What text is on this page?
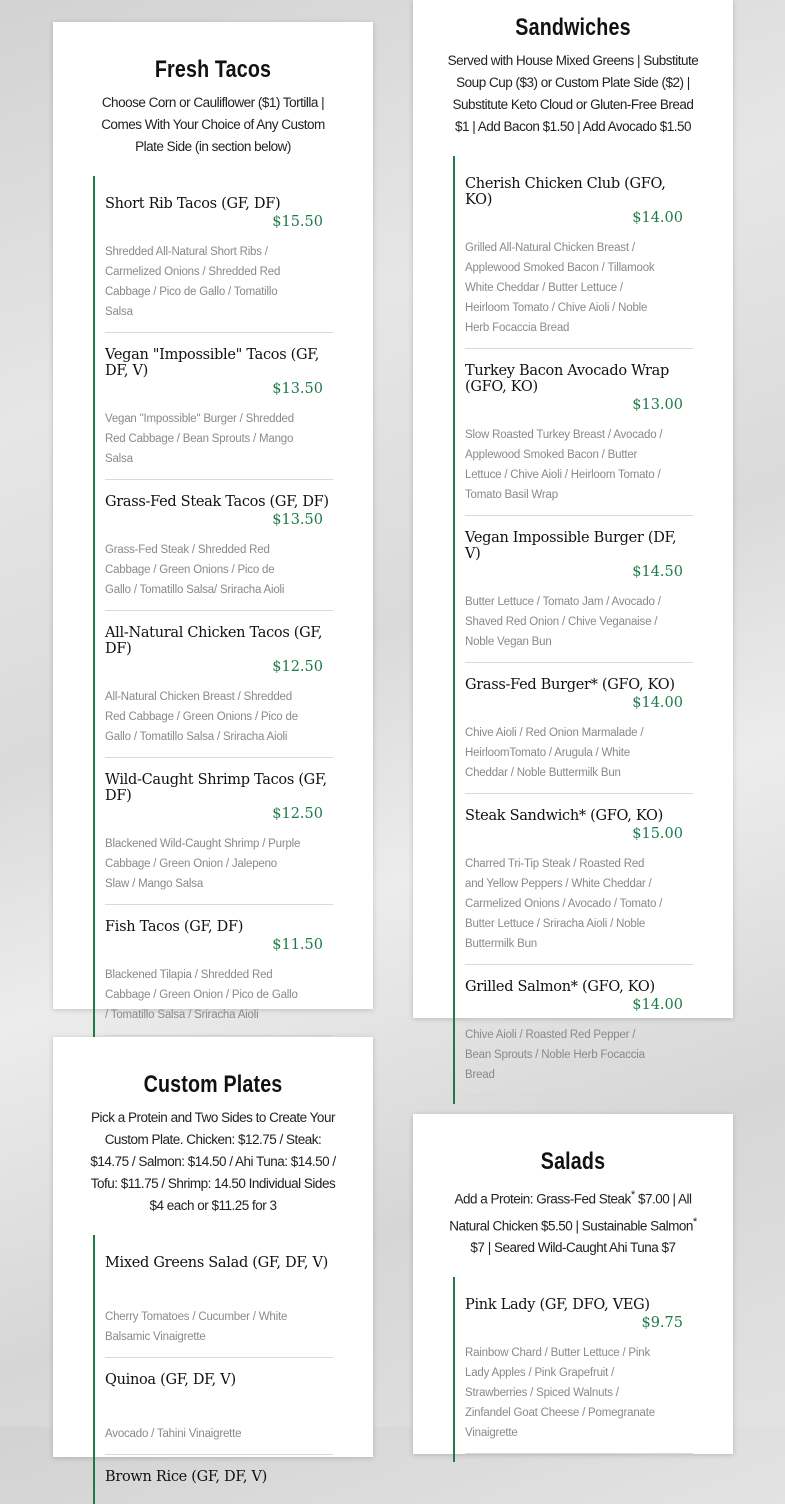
Fresh Tacos
Choose Corn or Cauliflower ($1) Tortilla | Comes With Your Choice of Any Custom Plate Side (in section below)
Short Rib Tacos (GF, DF)
$15.50
Shredded All-Natural Short Ribs / Carmelized Onions / Shredded Red Cabbage / Pico de Gallo / Tomatillo Salsa
Vegan "Impossible" Tacos (GF, DF, V)
$13.50
Vegan "Impossible" Burger / Shredded Red Cabbage / Bean Sprouts / Mango Salsa
Grass-Fed Steak Tacos (GF, DF)
$13.50
Grass-Fed Steak / Shredded Red Cabbage / Green Onions / Pico de Gallo / Tomatillo Salsa/ Sriracha Aioli
All-Natural Chicken Tacos (GF, DF)
$12.50
All-Natural Chicken Breast / Shredded Red Cabbage / Green Onions / Pico de Gallo / Tomatillo Salsa / Sriracha Aioli
Wild-Caught Shrimp Tacos (GF, DF)
$12.50
Blackened Wild-Caught Shrimp / Purple Cabbage / Green Onion / Jalepeno Slaw / Mango Salsa
Fish Tacos (GF, DF)
$11.50
Blackened Tilapia / Shredded Red Cabbage / Green Onion / Pico de Gallo / Tomatillo Salsa / Sriracha Aioli
Sandwiches
Served with House Mixed Greens | Substitute Soup Cup ($3) or Custom Plate Side ($2) | Substitute Keto Cloud or Gluten-Free Bread $1 | Add Bacon $1.50 | Add Avocado $1.50
Cherish Chicken Club (GFO, KO)
$14.00
Grilled All-Natural Chicken Breast / Applewood Smoked Bacon / Tillamook White Cheddar / Butter Lettuce / Heirloom Tomato / Chive Aioli / Noble Herb Focaccia Bread
Turkey Bacon Avocado Wrap (GFO, KO)
$13.00
Slow Roasted Turkey Breast / Avocado / Applewood Smoked Bacon / Butter Lettuce / Chive Aioli / Heirloom Tomato / Tomato Basil Wrap
Vegan Impossible Burger (DF, V)
$14.50
Butter Lettuce / Tomato Jam / Avocado / Shaved Red Onion / Chive Veganaise / Noble Vegan Bun
Grass-Fed Burger* (GFO, KO)
$14.00
Chive Aioli / Red Onion Marmalade / HeirloomTomato / Arugula / White Cheddar / Noble Buttermilk Bun
Steak Sandwich* (GFO, KO)
$15.00
Charred Tri-Tip Steak / Roasted Red and Yellow Peppers / White Cheddar / Carmelized Onions / Avocado / Tomato / Butter Lettuce / Sriracha Aioli / Noble Buttermilk Bun
Grilled Salmon* (GFO, KO)
$14.00
Chive Aioli / Roasted Red Pepper / Bean Sprouts / Noble Herb Focaccia Bread
Custom Plates
Pick a Protein and Two Sides to Create Your Custom Plate. Chicken: $12.75 / Steak: $14.75 / Salmon: $14.50 / Ahi Tuna: $14.50 / Tofu: $11.75 / Shrimp: 14.50 Individual Sides $4 each or $11.25 for 3
Mixed Greens Salad (GF, DF, V)
Cherry Tomatoes / Cucumber / White Balsamic Vinaigrette
Quinoa (GF, DF, V)
Avocado / Tahini Vinaigrette
Brown Rice (GF, DF, V)
Salads
Add a Protein: Grass-Fed Steak* $7.00 | All Natural Chicken $5.50 | Sustainable Salmon* $7 | Seared Wild-Caught Ahi Tuna $7
Pink Lady (GF, DFO, VEG)
$9.75
Rainbow Chard / Butter Lettuce / Pink Lady Apples / Pink Grapefruit / Strawberries / Spiced Walnuts / Zinfandel Goat Cheese / Pomegranate Vinaigrette
